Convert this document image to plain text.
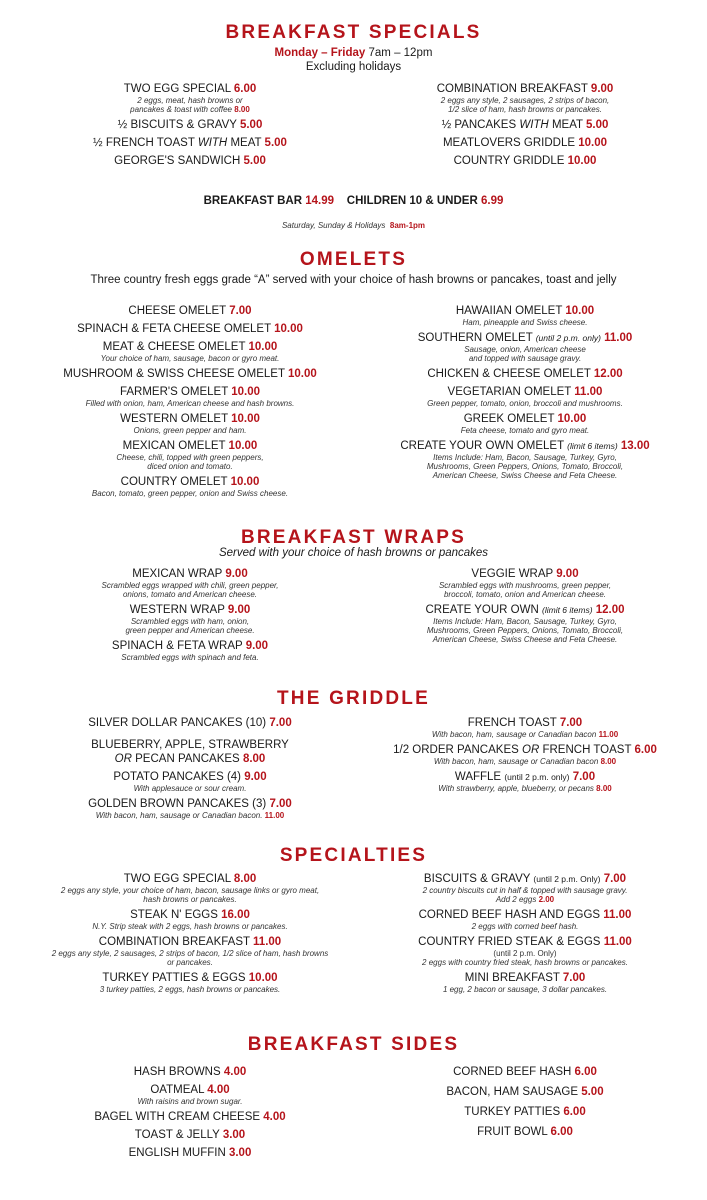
BREAKFAST SPECIALS
Monday – Friday 7am – 12pm
Excluding holidays
TWO EGG SPECIAL 6.00
2 eggs, meat, hash browns or
pancakes & toast with coffee 8.00
½ BISCUITS & GRAVY 5.00
½ FRENCH TOAST WITH MEAT 5.00
GEORGE'S SANDWICH 5.00
COMBINATION BREAKFAST 9.00
2 eggs any style, 2 sausages, 2 strips of bacon,
1/2 slice of ham, hash browns or pancakes.
½ PANCAKES WITH MEAT 5.00
MEATLOVERS GRIDDLE 10.00
COUNTRY GRIDDLE 10.00
BREAKFAST BAR 14.99 CHILDREN 10 & UNDER 6.99
Saturday, Sunday & Holidays 8am-1pm
OMELETS
Three country fresh eggs grade “A” served with your choice of hash browns or pancakes, toast and jelly
CHEESE OMELET 7.00
SPINACH & FETA CHEESE OMELET 10.00
MEAT & CHEESE OMELET 10.00
Your choice of ham, sausage, bacon or gyro meat.
MUSHROOM & SWISS CHEESE OMELET 10.00
FARMER'S OMELET 10.00
Filled with onion, ham, American cheese and hash browns.
WESTERN OMELET 10.00
Onions, green pepper and ham.
MEXICAN OMELET 10.00
Cheese, chili, topped with green peppers,
diced onion and tomato.
COUNTRY OMELET 10.00
Bacon, tomato, green pepper, onion and Swiss cheese.
HAWAIIAN OMELET 10.00
Ham, pineapple and Swiss cheese.
SOUTHERN OMELET (until 2 p.m. only) 11.00
Sausage, onion, American cheese
and topped with sausage gravy.
CHICKEN & CHEESE OMELET 12.00
VEGETARIAN OMELET 11.00
Green pepper, tomato, onion, broccoli and mushrooms.
GREEK OMELET 10.00
Feta cheese, tomato and gyro meat.
CREATE YOUR OWN OMELET (limit 6 items) 13.00
Items Include: Ham, Bacon, Sausage, Turkey, Gyro,
Mushrooms, Green Peppers, Onions, Tomato, Broccoli,
American Cheese, Swiss Cheese and Feta Cheese.
BREAKFAST WRAPS
Served with your choice of hash browns or pancakes
MEXICAN WRAP 9.00
Scrambled eggs wrapped with chili, green pepper,
onions, tomato and American cheese.
WESTERN WRAP 9.00
Scrambled eggs with ham, onion,
green pepper and American cheese.
SPINACH & FETA WRAP 9.00
Scrambled eggs with spinach and feta.
VEGGIE WRAP 9.00
Scrambled eggs with mushrooms, green pepper,
broccoli, tomato, onion and American cheese.
CREATE YOUR OWN (limit 6 items) 12.00
Items Include: Ham, Bacon, Sausage, Turkey, Gyro,
Mushrooms, Green Peppers, Onions, Tomato, Broccoli,
American Cheese, Swiss Cheese and Feta Cheese.
THE GRIDDLE
SILVER DOLLAR PANCAKES (10) 7.00
BLUEBERRY, APPLE, STRAWBERRY
OR PECAN PANCAKES 8.00
POTATO PANCAKES (4) 9.00
With applesauce or sour cream.
GOLDEN BROWN PANCAKES (3) 7.00
With bacon, ham, sausage or Canadian bacon. 11.00
FRENCH TOAST 7.00
With bacon, ham, sausage or Canadian bacon 11.00
1/2 ORDER PANCAKES OR FRENCH TOAST 6.00
With bacon, ham, sausage or Canadian bacon 8.00
WAFFLE (until 2 p.m. only) 7.00
With strawberry, apple, blueberry, or pecans 8.00
SPECIALTIES
TWO EGG SPECIAL 8.00
2 eggs any style, your choice of ham, bacon, sausage links or gyro meat,
hash browns or pancakes.
STEAK N' EGGS 16.00
N.Y. Strip steak with 2 eggs, hash browns or pancakes.
COMBINATION BREAKFAST 11.00
2 eggs any style, 2 sausages, 2 strips of bacon, 1/2 slice of ham, hash browns
or pancakes.
TURKEY PATTIES & EGGS 10.00
3 turkey patties, 2 eggs, hash browns or pancakes.
BISCUITS & GRAVY (until 2 p.m. Only) 7.00
2 country biscuits cut in half & topped with sausage gravy.
Add 2 eggs 2.00
CORNED BEEF HASH AND EGGS 11.00
2 eggs with corned beef hash.
COUNTRY FRIED STEAK & EGGS 11.00
(until 2 p.m. Only)
2 eggs with country fried steak, hash browns or pancakes.
MINI BREAKFAST 7.00
1 egg, 2 bacon or sausage, 3 dollar pancakes.
BREAKFAST SIDES
HASH BROWNS 4.00
OATMEAL 4.00
With raisins and brown sugar.
BAGEL WITH CREAM CHEESE 4.00
TOAST & JELLY 3.00
ENGLISH MUFFIN 3.00
CORNED BEEF HASH 6.00
BACON, HAM SAUSAGE 5.00
TURKEY PATTIES 6.00
FRUIT BOWL 6.00
